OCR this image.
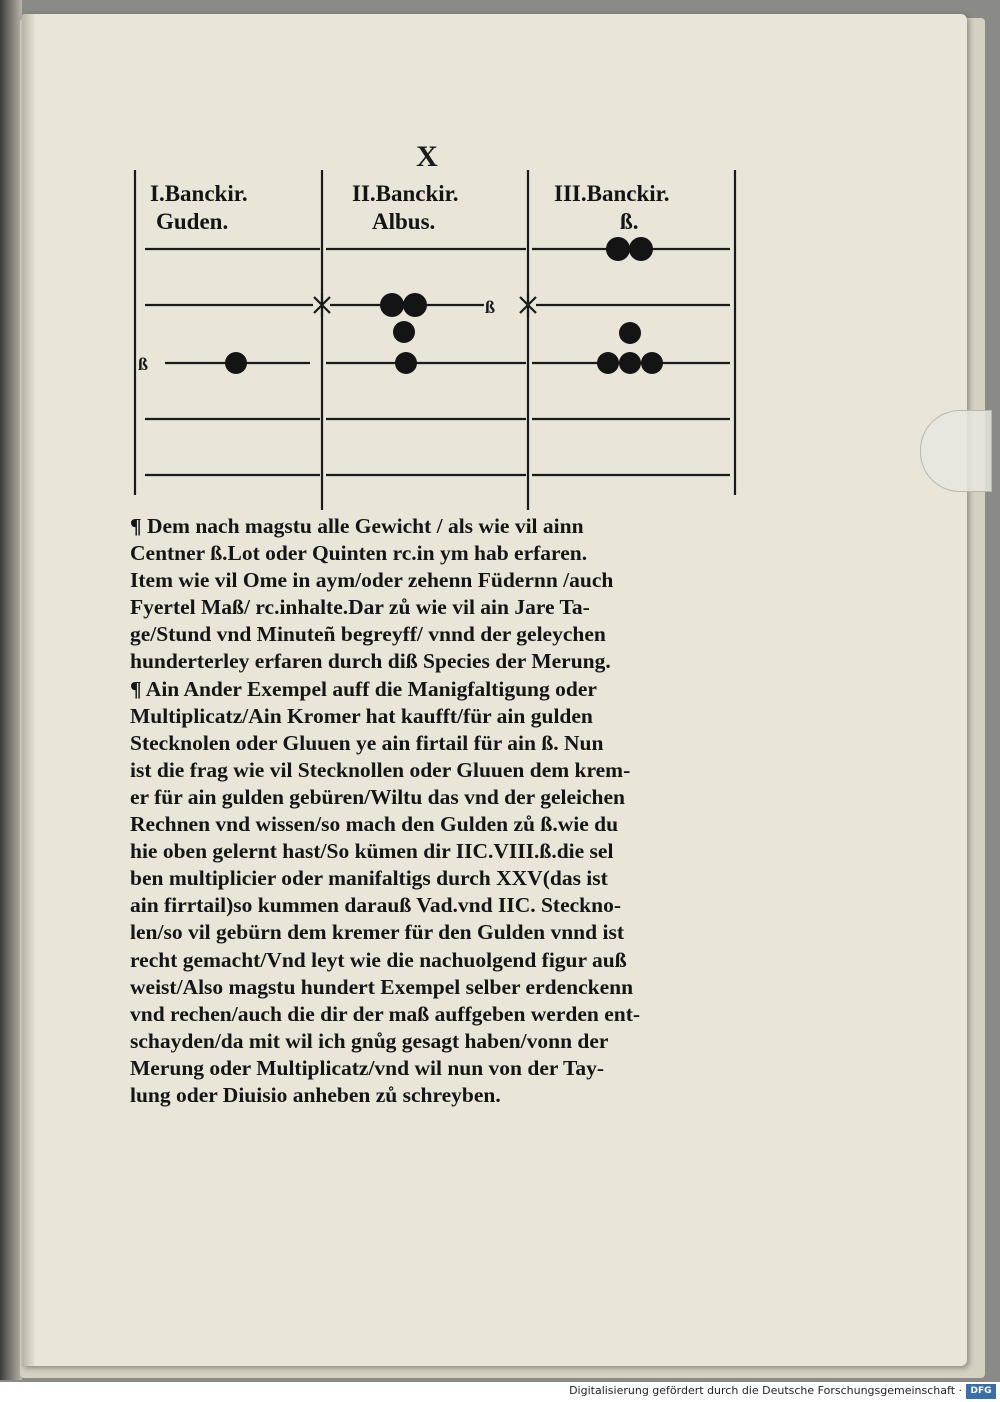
X
I.Banckir.
Guden.
II.Banckir.
Albus.
III.Banckir.
ß.
ß
ß
¶ Dem nach magstu alle Gewicht / als wie vil ainn
Centner ß.Lot oder Quinten rc.in ym hab erfaren.
Item wie vil Ome in aym/oder zehenn Füdernn /auch
Fyertel Maß/ rc.inhalte.Dar zů wie vil ain Jare Ta-
ge/Stund vnd Minuteñ begreyff/ vnnd der geleychen
hunderterley erfaren durch diß Species der Merung.
¶ Ain Ander Exempel auff die Manigfaltigung oder
Multiplicatz/Ain Kromer hat kaufft/für ain gulden
Stecknolen oder Gluuen ye ain firtail für ain ß. Nun
ist die frag wie vil Stecknollen oder Gluuen dem krem-
er für ain gulden gebüren/Wiltu das vnd der geleichen
Rechnen vnd wissen/so mach den Gulden zů ß.wie du
hie oben gelernt hast/So kümen dir IIC.VIII.ß.die sel
ben multiplicier oder manifaltigs durch XXV(das ist
ain firrtail)so kummen darauß Vad.vnd IIC. Steckno-
len/so vil gebürn dem kremer für den Gulden vnnd ist
recht gemacht/Vnd leyt wie die nachuolgend figur auß
weist/Also magstu hundert Exempel selber erdenckenn
vnd rechen/auch die dir der maß auffgeben werden ent-
schayden/da mit wil ich gnůg gesagt haben/vonn der
Merung oder Multiplicatz/vnd wil nun von der Tay-
lung oder Diuisio anheben zů schreyben.
Digitalisierung gefördert durch die Deutsche Forschungsgemeinschaft · DFG
